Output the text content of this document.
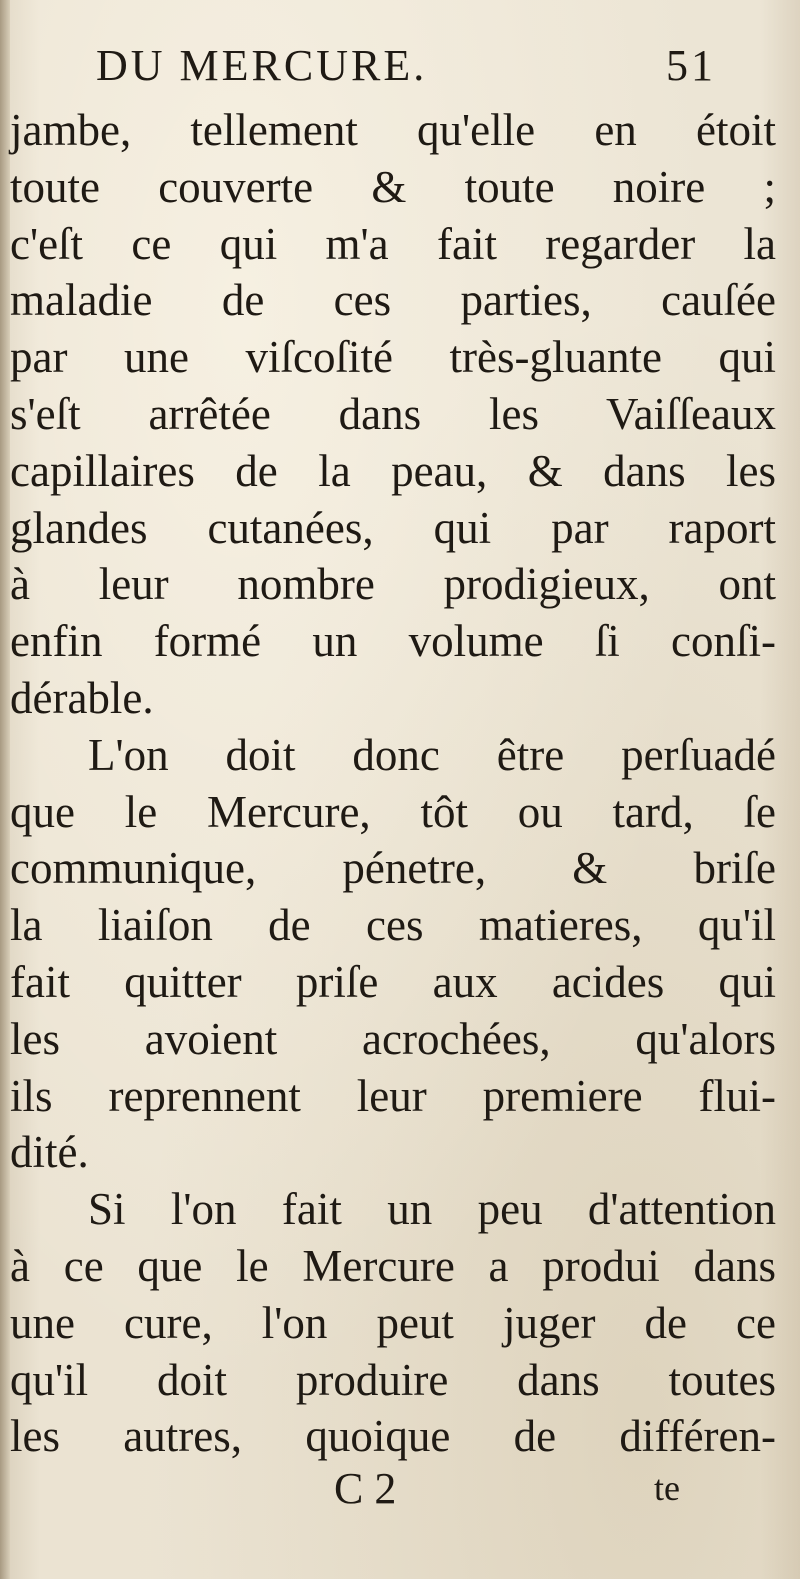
DU MERCURE.	51
jambe, tellement qu'elle en étoit
toute couverte & toute noire ;
c'eſt ce qui m'a fait regarder la
maladie de ces parties, cauſée
par une viſcoſité très-gluante qui
s'eſt arrêtée dans les Vaiſſeaux
capillaires de la peau, & dans les
glandes cutanées, qui par raport
à leur nombre prodigieux, ont
enfin formé un volume ſi conſi-
dérable.
L'on doit donc être perſuadé
que le Mercure, tôt ou tard, ſe
communique, pénetre, & briſe
la liaiſon de ces matieres, qu'il
fait quitter priſe aux acides qui
les avoient acrochées, qu'alors
ils reprennent leur premiere flui-
dité.
Si l'on fait un peu d'attention
à ce que le Mercure a produi dans
une cure, l'on peut juger de ce
qu'il doit produire dans toutes
les autres, quoique de différen-
C 2	te
